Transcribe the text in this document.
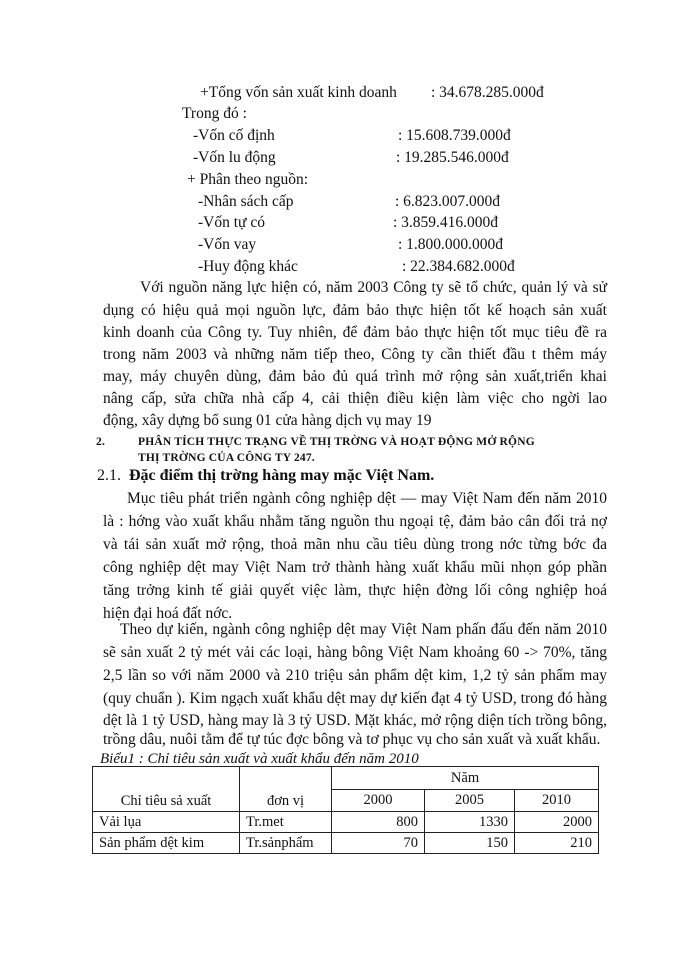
+Tổng vốn sản xuất kinh doanh : 34.678.285.000đ
Trong đó :
-Vốn cố định	: 15.608.739.000đ
-Vốn lu động	: 19.285.546.000đ
+ Phân theo nguồn:
-Nhân sách cấp	: 6.823.007.000đ
-Vốn tự có	: 3.859.416.000đ
-Vốn vay	: 1.800.000.000đ
-Huy động khác	: 22.384.682.000đ
Với nguồn năng lực hiện có, năm 2003 Công ty sẽ tổ chức, quản lý và sử
dụng có hiệu quả mọi nguồn lực, đảm bảo thực hiện tốt kế hoạch sản xuất
kinh doanh của Công ty. Tuy nhiên, để đảm bảo thực hiện tốt mục tiêu đề ra
trong năm 2003 và những năm tiếp theo, Công ty cần thiết đầu t thêm máy
may, máy chuyên dùng, đảm bảo đủ quá trình mở rộng sản xuất,triển khai
nâng cấp, sửa chữa nhà cấp 4, cải thiện điều kiện làm việc cho ngời lao
động, xây dựng bổ sung 01 cửa hàng dịch vụ may 19
2.	PHÂN TÍCH THỰC TRẠNG VỀ THỊ TRỜNG VÀ HOẠT ĐỘNG MỞ RỘNG
THỊ TRỜNG CỦA CÔNG TY 247.
2.1. Đặc điểm thị trờng hàng may mặc Việt Nam.
Mục tiêu phát triển ngành công nghiệp dệt — may Việt Nam đến năm 2010
là : hớng vào xuất khẩu nhằm tăng nguồn thu ngoại tệ, đảm bảo cân đối trả nợ
và tái sản xuất mở rộng, thoả mãn nhu cầu tiêu dùng trong nớc từng bớc đa
công nghiệp dệt may Việt Nam trở thành hàng xuất khẩu mũi nhọn góp phần
tăng trởng kinh tế giải quyết việc làm, thực hiện đờng lối công nghiệp hoá
hiện đại hoá đất nớc.
Theo dự kiến, ngành công nghiệp dệt may Việt Nam phấn đấu đến năm 2010
sẽ sản xuất 2 tỷ mét vải các loại, hàng bông Việt Nam khoảng 60 -> 70%, tăng
2,5 lần so với năm 2000 và 210 triệu sản phẩm dệt kim, 1,2 tỷ sản phẩm may
(quy chuẩn ). Kim ngạch xuất khẩu dệt may dự kiến đạt 4 tỷ USD, trong đó hàng
dệt là 1 tỷ USD, hàng may là 3 tỷ USD. Mặt khác, mở rộng diện tích trồng bông,
trồng dâu, nuôi tằm để tự túc đợc bông và tơ phục vụ cho sản xuất và xuất khẩu.
Biểu1 : Chỉ tiêu sản xuất và xuất khẩu đến năm 2010
Chỉ tiêu sả xuất	đơn vị	Năm		
		2000	2005	2010
Vải lụa	Tr.met	800	1330	2000
Sản phẩm dệt kim	Tr.sảnphẩm	70	150	210
